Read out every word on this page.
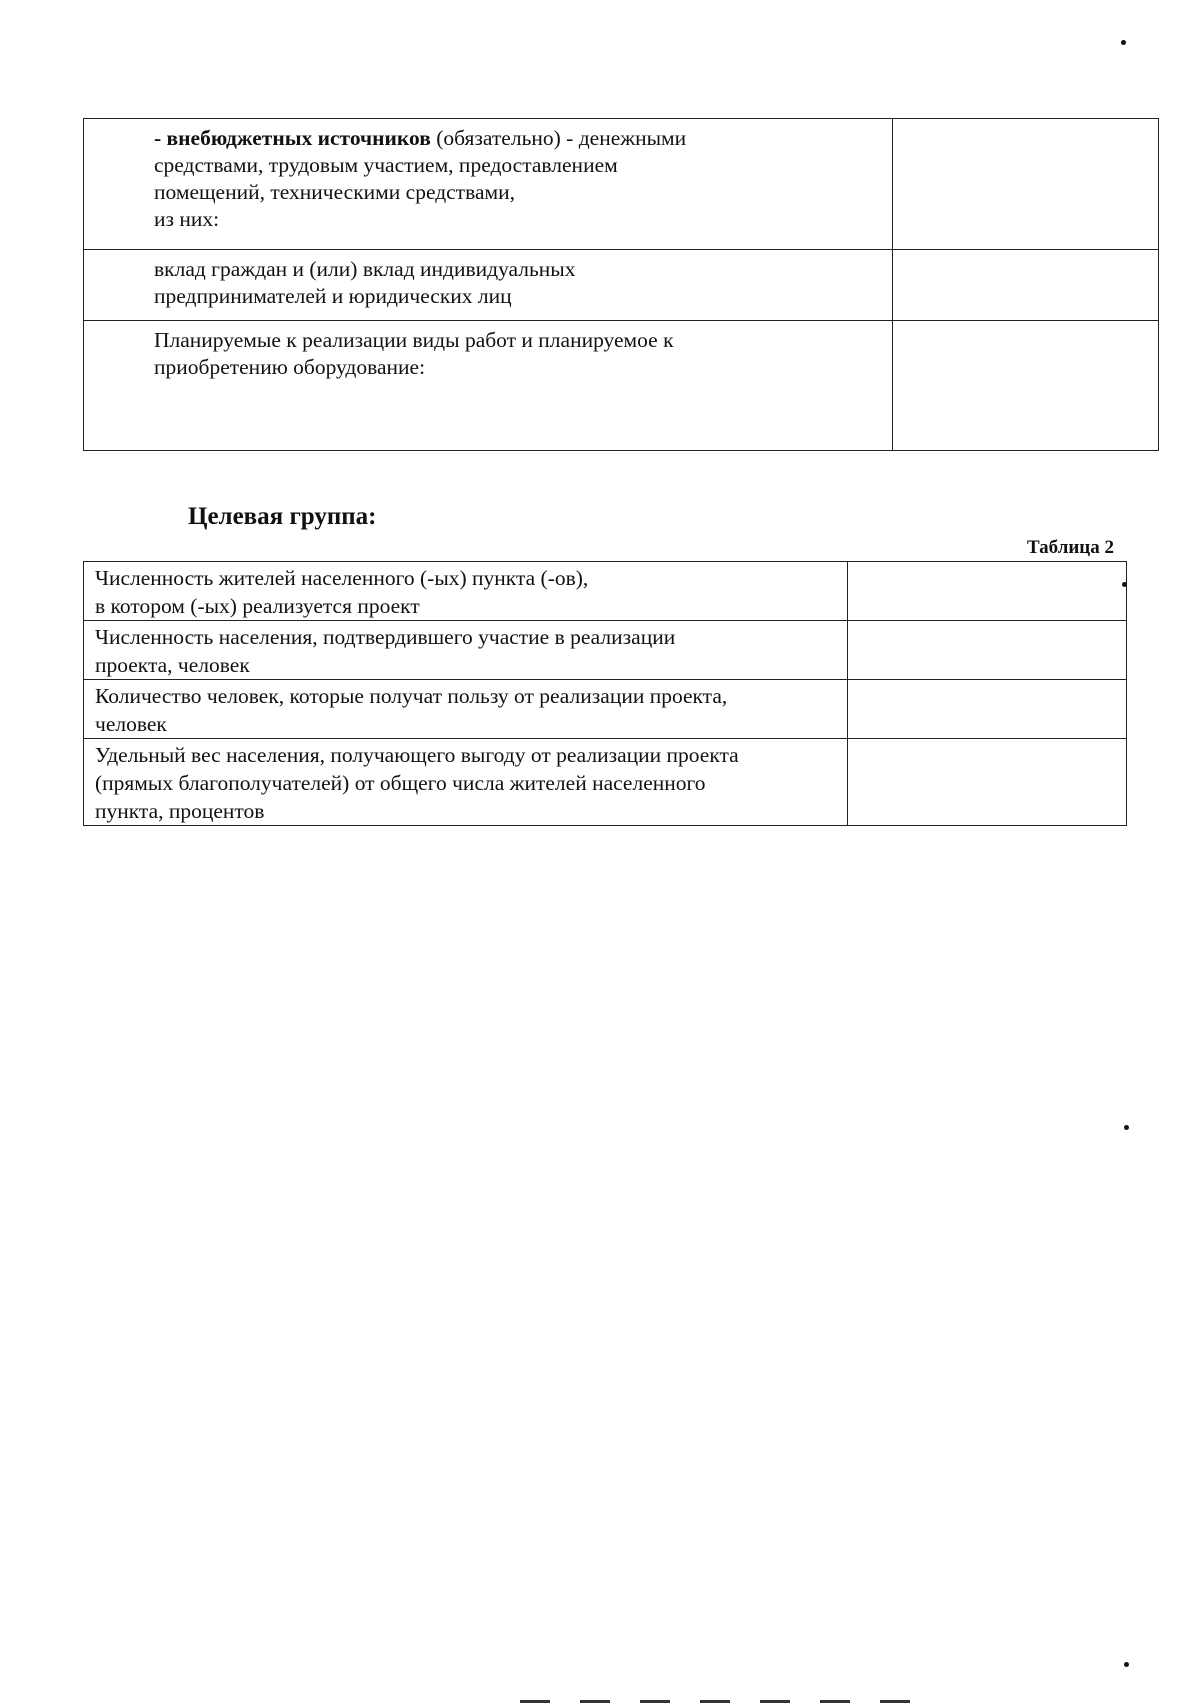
- внебюджетных источников (обязательно) - денежными
средствами, трудовым участием, предоставлением
помещений, техническими средствами,
из них:	
вклад граждан и (или) вклад индивидуальных
предпринимателей и юридических лиц	
Планируемые к реализации виды работ и планируемое к
приобретению оборудование:	
Целевая группа:
Таблица 2
Численность жителей населенного (-ых) пункта (-ов),
в котором (-ых) реализуется проект	
Численность населения, подтвердившего участие в реализации
проекта, человек	
Количество человек, которые получат пользу от реализации проекта,
человек	
Удельный вес населения, получающего выгоду от реализации проекта
(прямых благополучателей) от общего числа жителей населенного
пункта, процентов	
